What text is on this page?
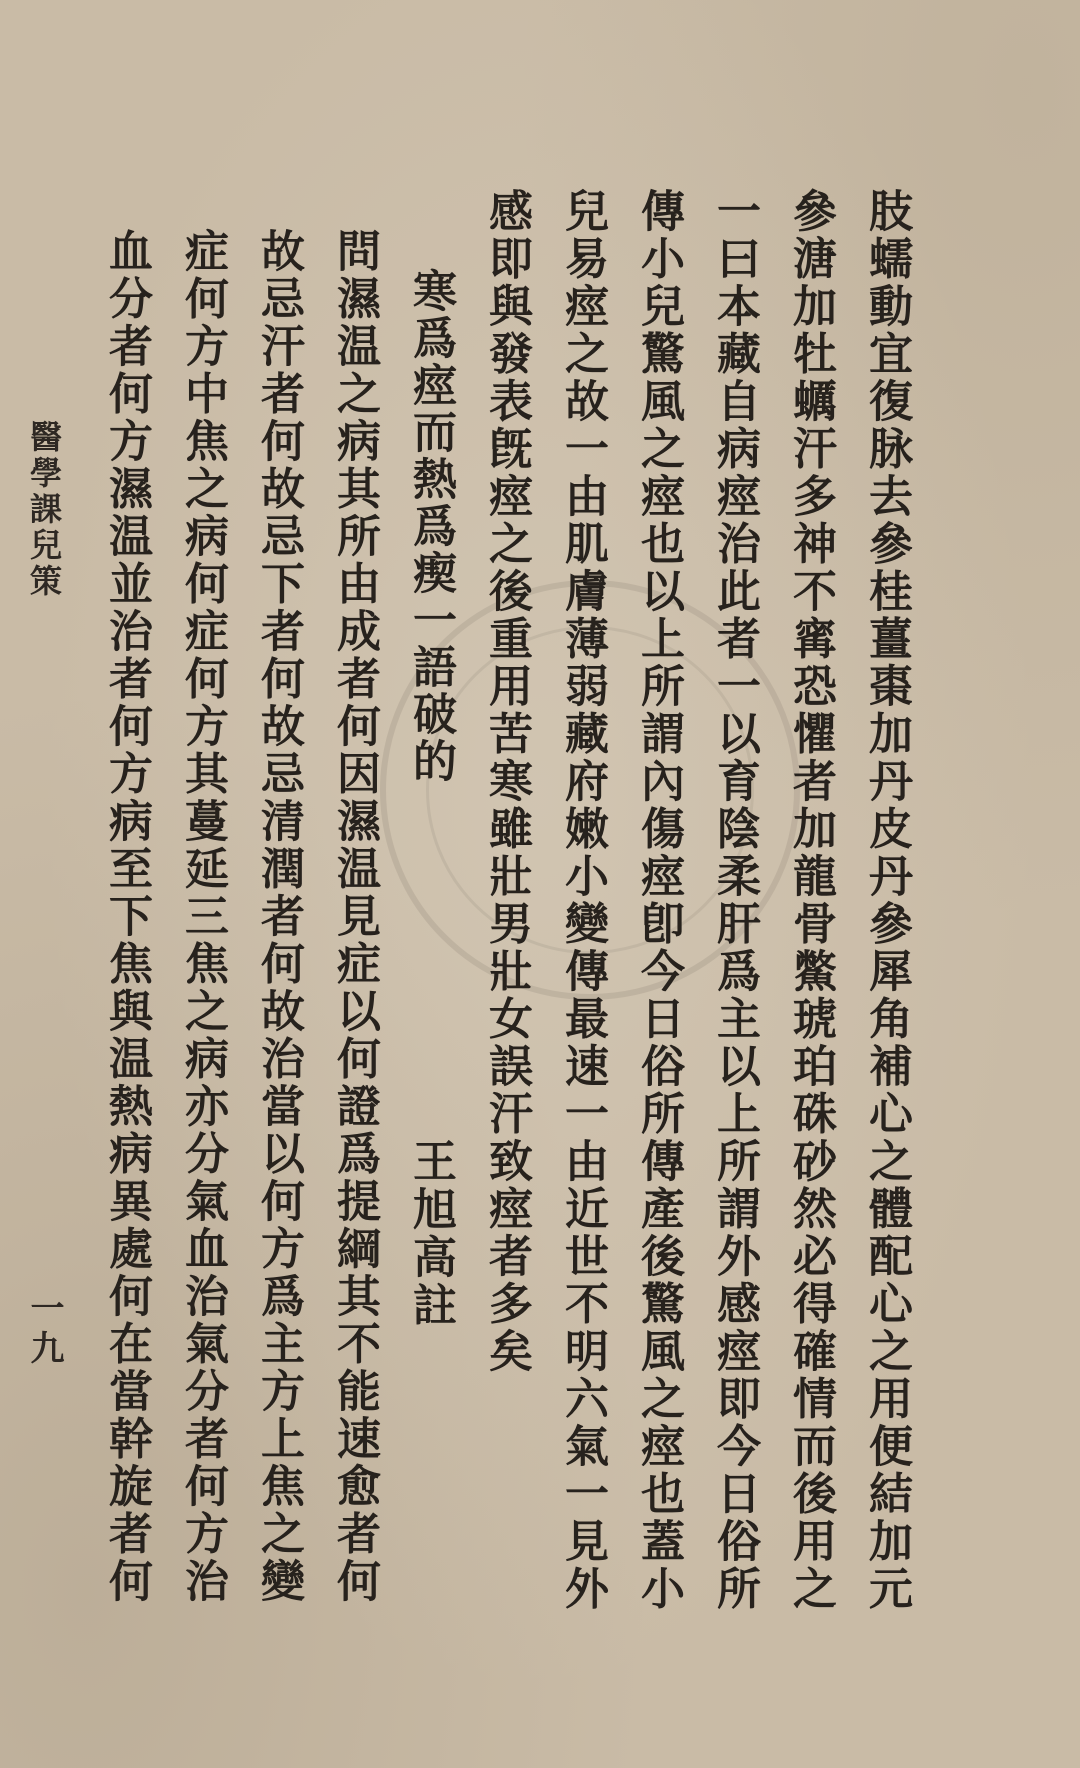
肢蠕動宜復脉去參桂薑棗加丹皮丹參犀角補心之體配心之用便結加元
參溏加牡蠣汗多神不寗恐懼者加龍骨鱉琥珀硃砂然必得確情而後用之
一曰本藏自病痙治此者一以育陰柔肝爲主以上所謂外感痙即今日俗所
傳小兒驚風之痙也以上所謂內傷痙卽今日俗所傳產後驚風之痙也蓋小
兒易痙之故一由肌膚薄弱藏府嫩小變傳最速一由近世不明六氣一見外
感即與發表旣痙之後重用苦寒雖壯男壯女誤汗致痙者多矣
寒爲痙而熱爲瘈一語破的
王旭高註
問濕温之病其所由成者何因濕温見症以何證爲提綱其不能速愈者何
故忌汗者何故忌下者何故忌清潤者何故治當以何方爲主方上焦之變
症何方中焦之病何症何方其蔓延三焦之病亦分氣血治氣分者何方治
血分者何方濕温並治者何方病至下焦與温熱病異處何在當幹旋者何
醫學課兒策
一九
